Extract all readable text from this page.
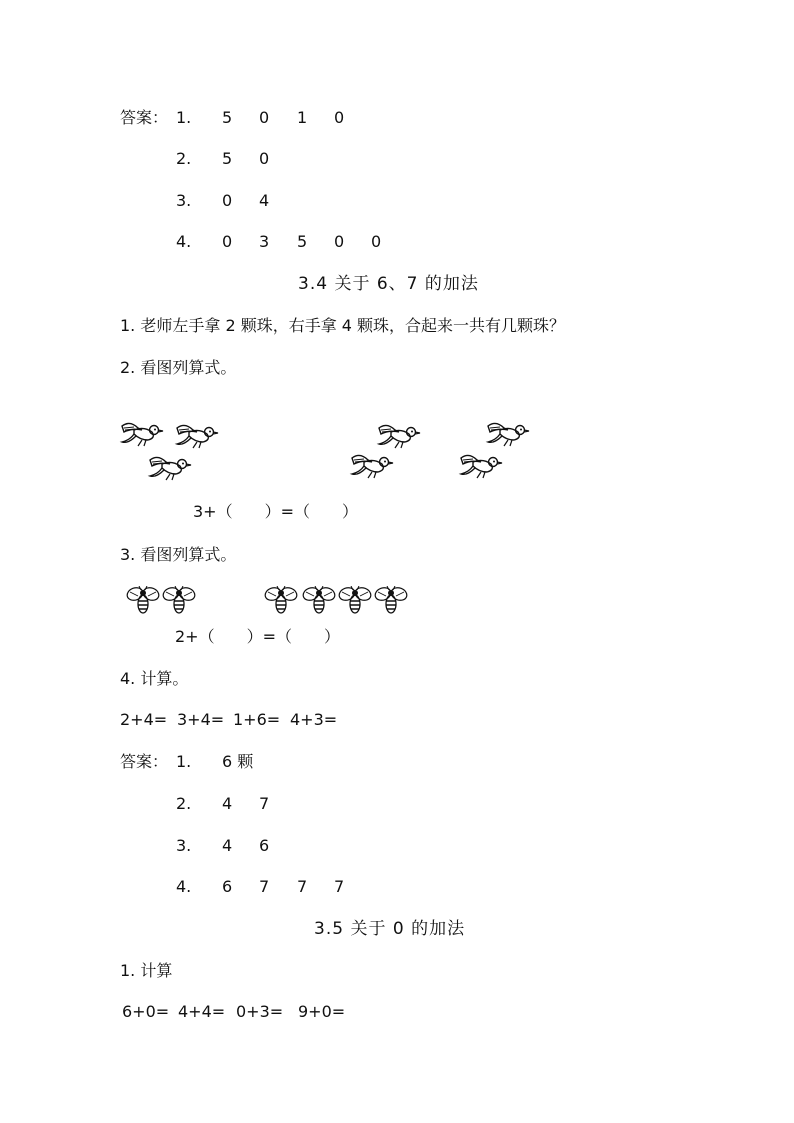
答案： 1. 5 0 1 0
2. 5 0
3. 0 4
4. 0 3 5 0 0
3.4 关于 6、7 的加法
1. 老师左手拿 2 颗珠，右手拿 4 颗珠，合起来一共有几颗珠？
2. 看图列算式。
3+（　　）=（　　）
3. 看图列算式。
2+（　　）=（　　）
4. 计算。
2+4= 3+4= 1+6= 4+3=
答案： 1. 6 颗
2. 4 7
3. 4 6
4. 6 7 7 7
3.5 关于 0 的加法
1. 计算
6+0= 4+4= 0+3= 9+0=
